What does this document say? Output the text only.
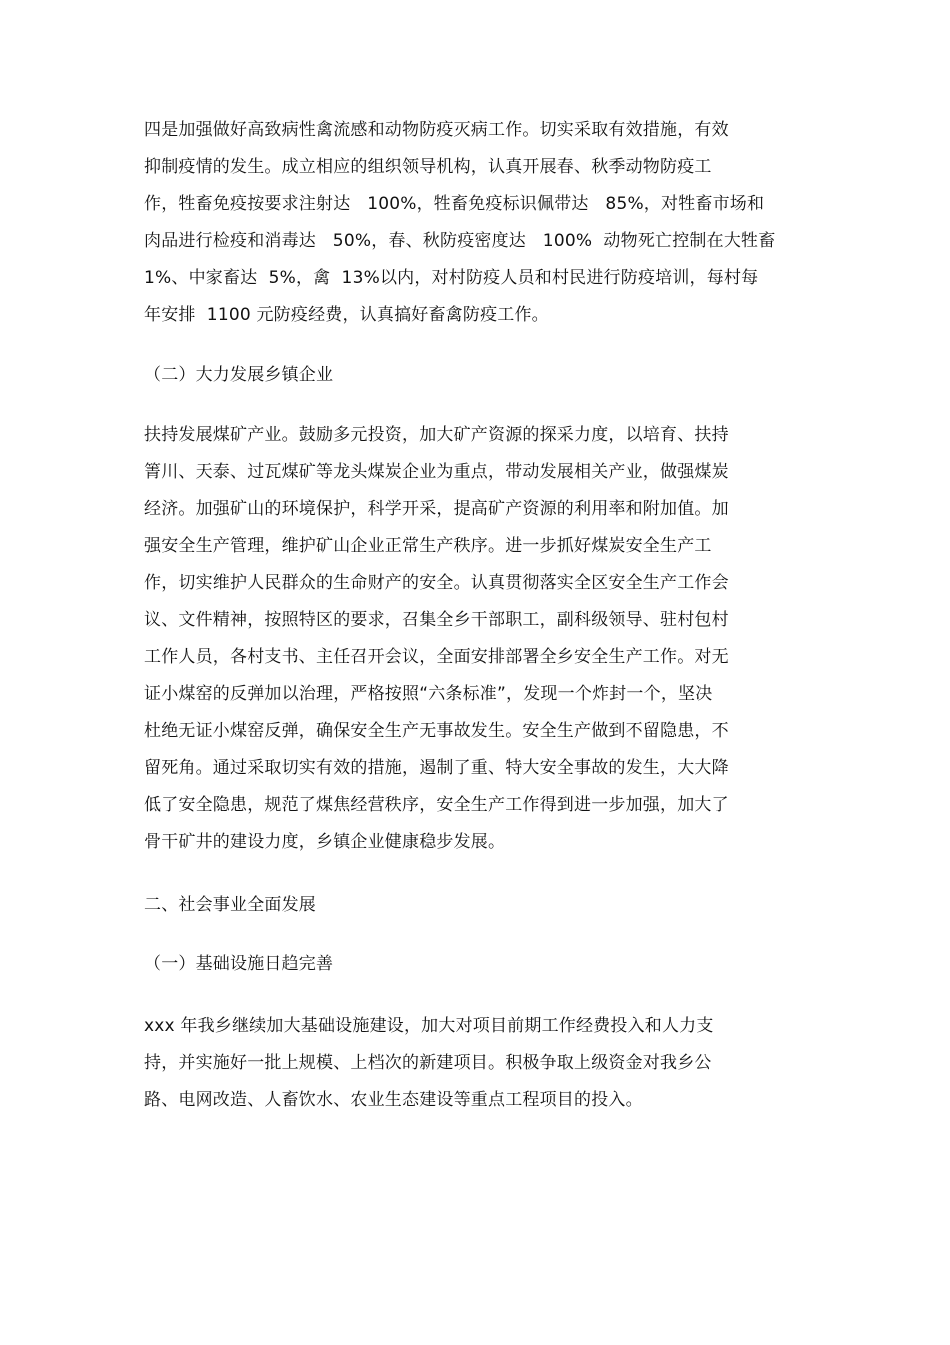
四是加强做好高致病性禽流感和动物防疫灭病工作。切实采取有效措施，有效
抑制疫情的发生。成立相应的组织领导机构，认真开展春、秋季动物防疫工
作，牲畜免疫按要求注射达   100%，牲畜免疫标识佩带达   85%，对牲畜市场和
肉品进行检疫和消毒达   50%，春、秋防疫密度达   100%  动物死亡控制在大牲畜
1%、中家畜达  5%，禽  13%以内，对村防疫人员和村民进行防疫培训，每村每
年安排  1100 元防疫经费，认真搞好畜禽防疫工作。
（二）大力发展乡镇企业
扶持发展煤矿产业。鼓励多元投资，加大矿产资源的探采力度，以培育、扶持
箐川、天泰、过瓦煤矿等龙头煤炭企业为重点，带动发展相关产业，做强煤炭
经济。加强矿山的环境保护，科学开采，提高矿产资源的利用率和附加值。加
强安全生产管理，维护矿山企业正常生产秩序。进一步抓好煤炭安全生产工
作，切实维护人民群众的生命财产的安全。认真贯彻落实全区安全生产工作会
议、文件精神，按照特区的要求，召集全乡干部职工，副科级领导、驻村包村
工作人员，各村支书、主任召开会议，全面安排部署全乡安全生产工作。对无
证小煤窑的反弹加以治理，严格按照“六条标准”，发现一个炸封一个，坚决
杜绝无证小煤窑反弹，确保安全生产无事故发生。安全生产做到不留隐患，不
留死角。通过采取切实有效的措施，遏制了重、特大安全事故的发生，大大降
低了安全隐患，规范了煤焦经营秩序，安全生产工作得到进一步加强，加大了
骨干矿井的建设力度，乡镇企业健康稳步发展。
二、社会事业全面发展
（一）基础设施日趋完善
xxx 年我乡继续加大基础设施建设，加大对项目前期工作经费投入和人力支
持，并实施好一批上规模、上档次的新建项目。积极争取上级资金对我乡公
路、电网改造、人畜饮水、农业生态建设等重点工程项目的投入。
